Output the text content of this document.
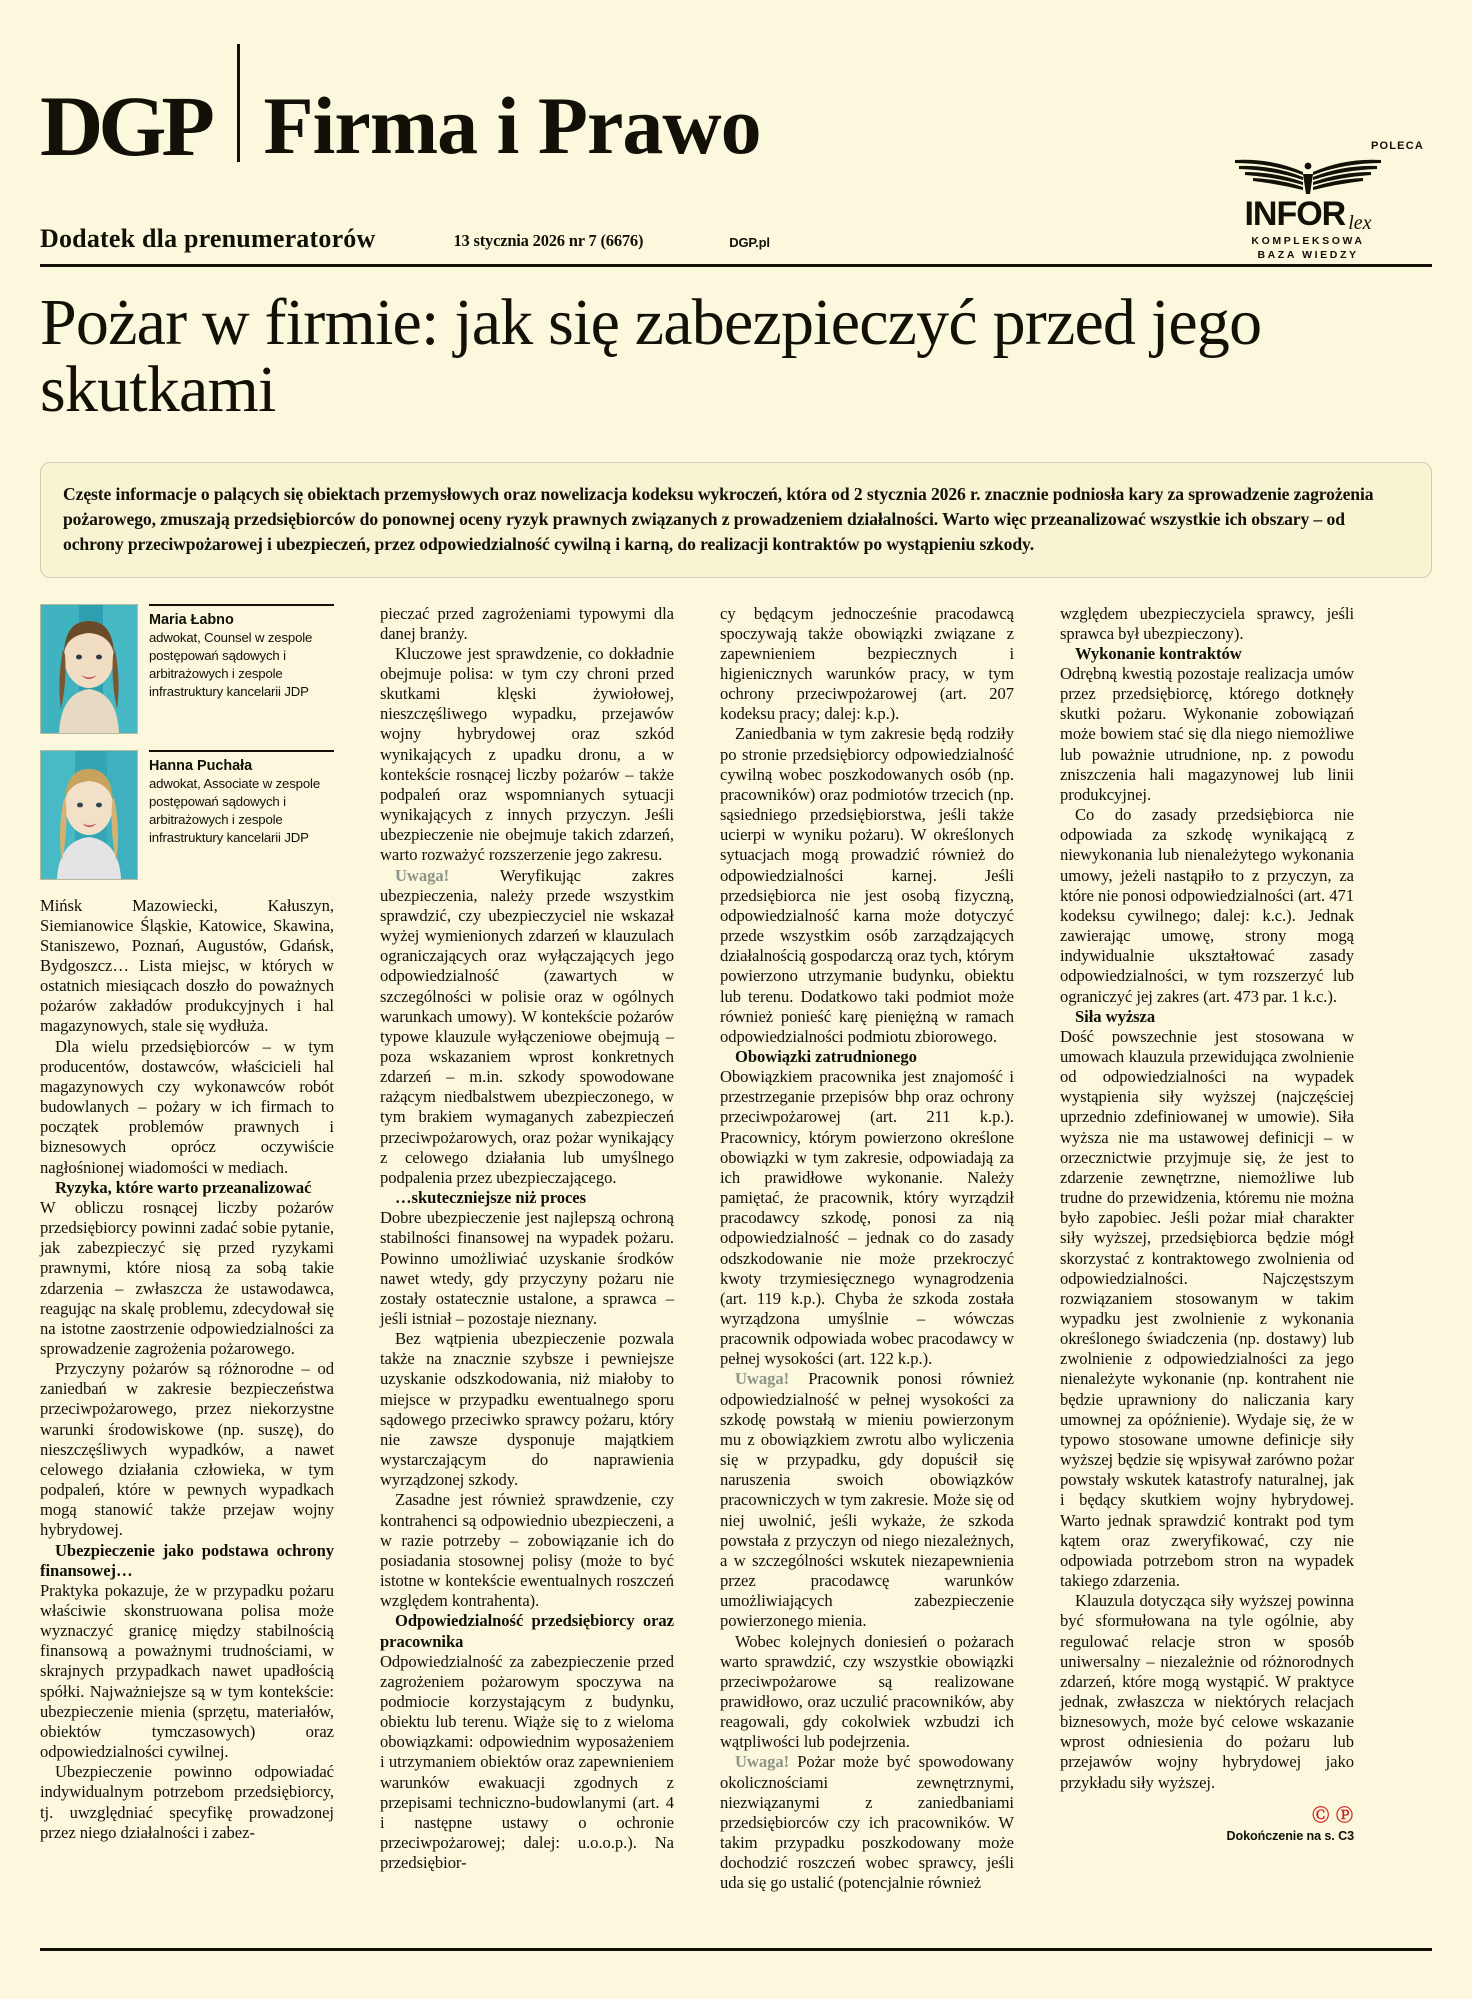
DGP Firma i Prawo	POLECA
INFOR lex
KOMPLEKSOWA
BAZA WIEDZY
Dodatek dla prenumeratorów	13 stycznia 2026 nr 7 (6676)	DGP.pl
Pożar w firmie: jak się zabezpieczyć przed jego skutkami

Częste informacje o palących się obiektach przemysłowych oraz nowelizacja kodeksu wykroczeń, która od 2 stycznia 2026 r. znacznie podniosła kary za sprowadzenie zagrożenia pożarowego, zmuszają przedsiębiorców do ponownej oceny ryzyk prawnych związanych z prowadzeniem działalności. Warto więc przeanalizować wszystkie ich obszary – od ochrony przeciwpożarowej i ubezpieczeń, przez odpowiedzialność cywilną i karną, do realizacji kontraktów po wystąpieniu szkody.

Maria Łabno
adwokat, Counsel w zespole postępowań sądowych i arbitrażowych i zespole infrastruktury kancelarii JDP
Hanna Puchała
adwokat, Associate w zespole postępowań sądowych i arbitrażowych i zespole infrastruktury kancelarii JDP

Mińsk Mazowiecki, Kałuszyn, Siemianowice Śląskie, Katowice, Skawina, Staniszewo, Poznań, Augustów, Gdańsk, Bydgoszcz… Lista miejsc, w których w ostatnich miesiącach doszło do poważnych pożarów zakładów produkcyjnych i hal magazynowych, stale się wydłuża.

Dla wielu przedsiębiorców – w tym producentów, dostawców, właścicieli hal magazynowych czy wykonawców robót budowlanych – pożary w ich firmach to początek problemów prawnych i biznesowych oprócz oczywiście nagłośnionej wiadomości w mediach.

Ryzyka, które warto przeanalizować

W obliczu rosnącej liczby pożarów przedsiębiorcy powinni zadać sobie pytanie, jak zabezpieczyć się przed ryzykami prawnymi, które niosą za sobą takie zdarzenia – zwłaszcza że ustawodawca, reagując na skalę problemu, zdecydował się na istotne zaostrzenie odpowiedzialności za sprowadzenie zagrożenia pożarowego.

Przyczyny pożarów są różnorodne – od zaniedbań w zakresie bezpieczeństwa przeciwpożarowego, przez niekorzystne warunki środowiskowe (np. suszę), do nieszczęśliwych wypadków, a nawet celowego działania człowieka, w tym podpaleń, które w pewnych wypadkach mogą stanowić także przejaw wojny hybrydowej.

Ubezpieczenie jako podstawa ochrony finansowej…

Praktyka pokazuje, że w przypadku pożaru właściwie skonstruowana polisa może wyznaczyć granicę między stabilnością finansową a poważnymi trudnościami, w skrajnych przypadkach nawet upadłością spółki. Najważniejsze są w tym kontekście: ubezpieczenie mienia (sprzętu, materiałów, obiektów tymczasowych) oraz odpowiedzialności cywilnej.

Ubezpieczenie powinno odpowiadać indywidualnym potrzebom przedsiębiorcy, tj. uwzględniać specyfikę prowadzonej przez niego działalności i zabez-

pieczać przed zagrożeniami typowymi dla danej branży.

Kluczowe jest sprawdzenie, co dokładnie obejmuje polisa: w tym czy chroni przed skutkami klęski żywiołowej, nieszczęśliwego wypadku, przejawów wojny hybrydowej oraz szkód wynikających z upadku dronu, a w kontekście rosnącej liczby pożarów – także podpaleń oraz wspomnianych sytuacji wynikających z innych przyczyn. Jeśli ubezpieczenie nie obejmuje takich zdarzeń, warto rozważyć rozszerzenie jego zakresu.

Uwaga! Weryfikując zakres ubezpieczenia, należy przede wszystkim sprawdzić, czy ubezpieczyciel nie wskazał wyżej wymienionych zdarzeń w klauzulach ograniczających oraz wyłączających jego odpowiedzialność (zawartych w szczególności w polisie oraz w ogólnych warunkach umowy). W kontekście pożarów typowe klauzule wyłączeniowe obejmują – poza wskazaniem wprost konkretnych zdarzeń – m.in. szkody spowodowane rażącym niedbalstwem ubezpieczonego, w tym brakiem wymaganych zabezpieczeń przeciwpożarowych, oraz pożar wynikający z celowego działania lub umyślnego podpalenia przez ubezpieczającego.

…skuteczniejsze niż proces

Dobre ubezpieczenie jest najlepszą ochroną stabilności finansowej na wypadek pożaru. Powinno umożliwiać uzyskanie środków nawet wtedy, gdy przyczyny pożaru nie zostały ostatecznie ustalone, a sprawca – jeśli istniał – pozostaje nieznany.

Bez wątpienia ubezpieczenie pozwala także na znacznie szybsze i pewniejsze uzyskanie odszkodowania, niż miałoby to miejsce w przypadku ewentualnego sporu sądowego przeciwko sprawcy pożaru, który nie zawsze dysponuje majątkiem wystarczającym do naprawienia wyrządzonej szkody.

Zasadne jest również sprawdzenie, czy kontrahenci są odpowiednio ubezpieczeni, a w razie potrzeby – zobowiązanie ich do posiadania stosownej polisy (może to być istotne w kontekście ewentualnych roszczeń względem kontrahenta).

Odpowiedzialność przedsiębiorcy oraz pracownika

Odpowiedzialność za zabezpieczenie przed zagrożeniem pożarowym spoczywa na podmiocie korzystającym z budynku, obiektu lub terenu. Wiąże się to z wieloma obowiązkami: odpowiednim wyposażeniem i utrzymaniem obiektów oraz zapewnieniem warunków ewakuacji zgodnych z przepisami techniczno-budowlanymi (art. 4 i następne ustawy o ochronie przeciwpożarowej; dalej: u.o.o.p.). Na przedsiębior-

cy będącym jednocześnie pracodawcą spoczywają także obowiązki związane z zapewnieniem bezpiecznych i higienicznych warunków pracy, w tym ochrony przeciwpożarowej (art. 207 kodeksu pracy; dalej: k.p.).

Zaniedbania w tym zakresie będą rodziły po stronie przedsiębiorcy odpowiedzialność cywilną wobec poszkodowanych osób (np. pracowników) oraz podmiotów trzecich (np. sąsiedniego przedsiębiorstwa, jeśli także ucierpi w wyniku pożaru). W określonych sytuacjach mogą prowadzić również do odpowiedzialności karnej. Jeśli przedsiębiorca nie jest osobą fizyczną, odpowiedzialność karna może dotyczyć przede wszystkim osób zarządzających działalnością gospodarczą oraz tych, którym powierzono utrzymanie budynku, obiektu lub terenu. Dodatkowo taki podmiot może również ponieść karę pieniężną w ramach odpowiedzialności podmiotu zbiorowego.

Obowiązki zatrudnionego

Obowiązkiem pracownika jest znajomość i przestrzeganie przepisów bhp oraz ochrony przeciwpożarowej (art. 211 k.p.). Pracownicy, którym powierzono określone obowiązki w tym zakresie, odpowiadają za ich prawidłowe wykonanie. Należy pamiętać, że pracownik, który wyrządził pracodawcy szkodę, ponosi za nią odpowiedzialność – jednak co do zasady odszkodowanie nie może przekroczyć kwoty trzymiesięcznego wynagrodzenia (art. 119 k.p.). Chyba że szkoda została wyrządzona umyślnie – wówczas pracownik odpowiada wobec pracodawcy w pełnej wysokości (art. 122 k.p.).

Uwaga! Pracownik ponosi również odpowiedzialność w pełnej wysokości za szkodę powstałą w mieniu powierzonym mu z obowiązkiem zwrotu albo wyliczenia się w przypadku, gdy dopuścił się naruszenia swoich obowiązków pracowniczych w tym zakresie. Może się od niej uwolnić, jeśli wykaże, że szkoda powstała z przyczyn od niego niezależnych, a w szczególności wskutek niezapewnienia przez pracodawcę warunków umożliwiających zabezpieczenie powierzonego mienia.

Wobec kolejnych doniesień o pożarach warto sprawdzić, czy wszystkie obowiązki przeciwpożarowe są realizowane prawidłowo, oraz uczulić pracowników, aby reagowali, gdy cokolwiek wzbudzi ich wątpliwości lub podejrzenia.

Uwaga! Pożar może być spowodowany okolicznościami zewnętrznymi, niezwiązanymi z zaniedbaniami przedsiębiorców czy ich pracowników. W takim przypadku poszkodowany może dochodzić roszczeń wobec sprawcy, jeśli uda się go ustalić (potencjalnie również

względem ubezpieczyciela sprawcy, jeśli sprawca był ubezpieczony).

Wykonanie kontraktów

Odrębną kwestią pozostaje realizacja umów przez przedsiębiorcę, którego dotknęły skutki pożaru. Wykonanie zobowiązań może bowiem stać się dla niego niemożliwe lub poważnie utrudnione, np. z powodu zniszczenia hali magazynowej lub linii produkcyjnej.

Co do zasady przedsiębiorca nie odpowiada za szkodę wynikającą z niewykonania lub nienależytego wykonania umowy, jeżeli nastąpiło to z przyczyn, za które nie ponosi odpowiedzialności (art. 471 kodeksu cywilnego; dalej: k.c.). Jednak zawierając umowę, strony mogą indywidualnie ukształtować zasady odpowiedzialności, w tym rozszerzyć lub ograniczyć jej zakres (art. 473 par. 1 k.c.).

Siła wyższa

Dość powszechnie jest stosowana w umowach klauzula przewidująca zwolnienie od odpowiedzialności na wypadek wystąpienia siły wyższej (najczęściej uprzednio zdefiniowanej w umowie). Siła wyższa nie ma ustawowej definicji – w orzecznictwie przyjmuje się, że jest to zdarzenie zewnętrzne, niemożliwe lub trudne do przewidzenia, któremu nie można było zapobiec. Jeśli pożar miał charakter siły wyższej, przedsiębiorca będzie mógł skorzystać z kontraktowego zwolnienia od odpowiedzialności. Najczęstszym rozwiązaniem stosowanym w takim wypadku jest zwolnienie z wykonania określonego świadczenia (np. dostawy) lub zwolnienie z odpowiedzialności za jego nienależyte wykonanie (np. kontrahent nie będzie uprawniony do naliczania kary umownej za opóźnienie). Wydaje się, że w typowo stosowane umowne definicje siły wyższej będzie się wpisywał zarówno pożar powstały wskutek katastrofy naturalnej, jak i będący skutkiem wojny hybrydowej. Warto jednak sprawdzić kontrakt pod tym kątem oraz zweryfikować, czy nie odpowiada potrzebom stron na wypadek takiego zdarzenia.

Klauzula dotycząca siły wyższej powinna być sformułowana na tyle ogólnie, aby regulować relacje stron w sposób uniwersalny – niezależnie od różnorodnych zdarzeń, które mogą wystąpić. W praktyce jednak, zwłaszcza w niektórych relacjach biznesowych, może być celowe wskazanie wprost odniesienia do pożaru lub przejawów wojny hybrydowej jako przykładu siły wyższej.

Ⓒ Ⓟ
Dokończenie na s. C3
